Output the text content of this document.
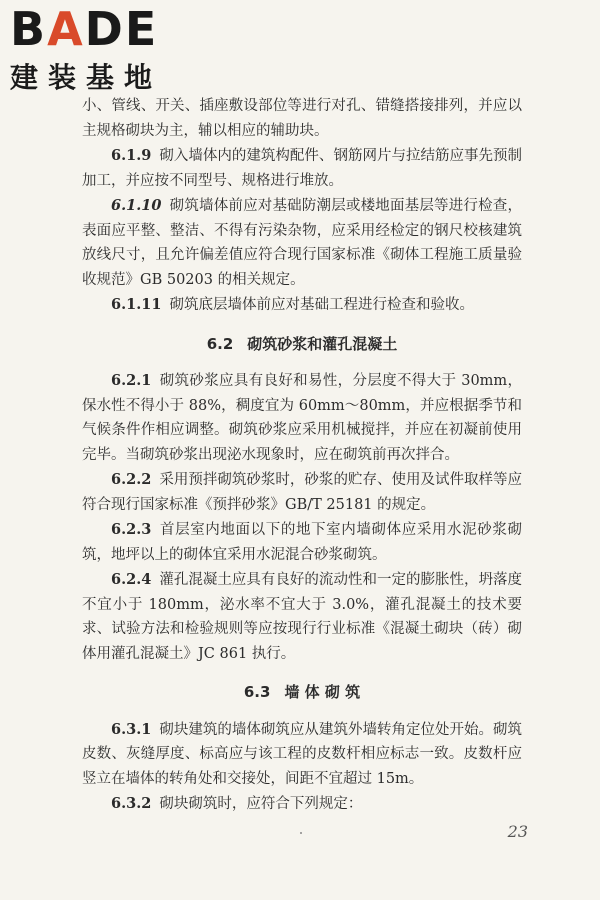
BADE
建装基地

小、管线、开关、插座敷设部位等进行对孔、错缝搭接排列，并应以主规格砌块为主，辅以相应的辅助块。

6.1.9 砌入墙体内的建筑构配件、钢筋网片与拉结筋应事先预制加工，并应按不同型号、规格进行堆放。

6.1.10 砌筑墙体前应对基础防潮层或楼地面基层等进行检查，表面应平整、整洁、不得有污染杂物，应采用经检定的钢尺校核建筑放线尺寸，且允许偏差值应符合现行国家标准《砌体工程施工质量验收规范》GB 50203 的相关规定。

6.1.11 砌筑底层墙体前应对基础工程进行检查和验收。

6.2 砌筑砂浆和灌孔混凝土

6.2.1 砌筑砂浆应具有良好和易性，分层度不得大于 30mm，保水性不得小于 88%，稠度宜为 60mm～80mm，并应根据季节和气候条件作相应调整。砌筑砂浆应采用机械搅拌，并应在初凝前使用完毕。当砌筑砂浆出现泌水现象时，应在砌筑前再次拌合。

6.2.2 采用预拌砌筑砂浆时，砂浆的贮存、使用及试件取样等应符合现行国家标准《预拌砂浆》GB/T 25181 的规定。

6.2.3 首层室内地面以下的地下室内墙砌体应采用水泥砂浆砌筑，地坪以上的砌体宜采用水泥混合砂浆砌筑。

6.2.4 灌孔混凝土应具有良好的流动性和一定的膨胀性，坍落度不宜小于 180mm，泌水率不宜大于 3.0%，灌孔混凝土的技术要求、试验方法和检验规则等应按现行行业标准《混凝土砌块（砖）砌体用灌孔混凝土》JC 861 执行。

6.3 墙 体 砌 筑

6.3.1 砌块建筑的墙体砌筑应从建筑外墙转角定位处开始。砌筑皮数、灰缝厚度、标高应与该工程的皮数杆相应标志一致。皮数杆应竖立在墙体的转角处和交接处，间距不宜超过 15m。

6.3.2 砌块砌筑时，应符合下列规定：

23
